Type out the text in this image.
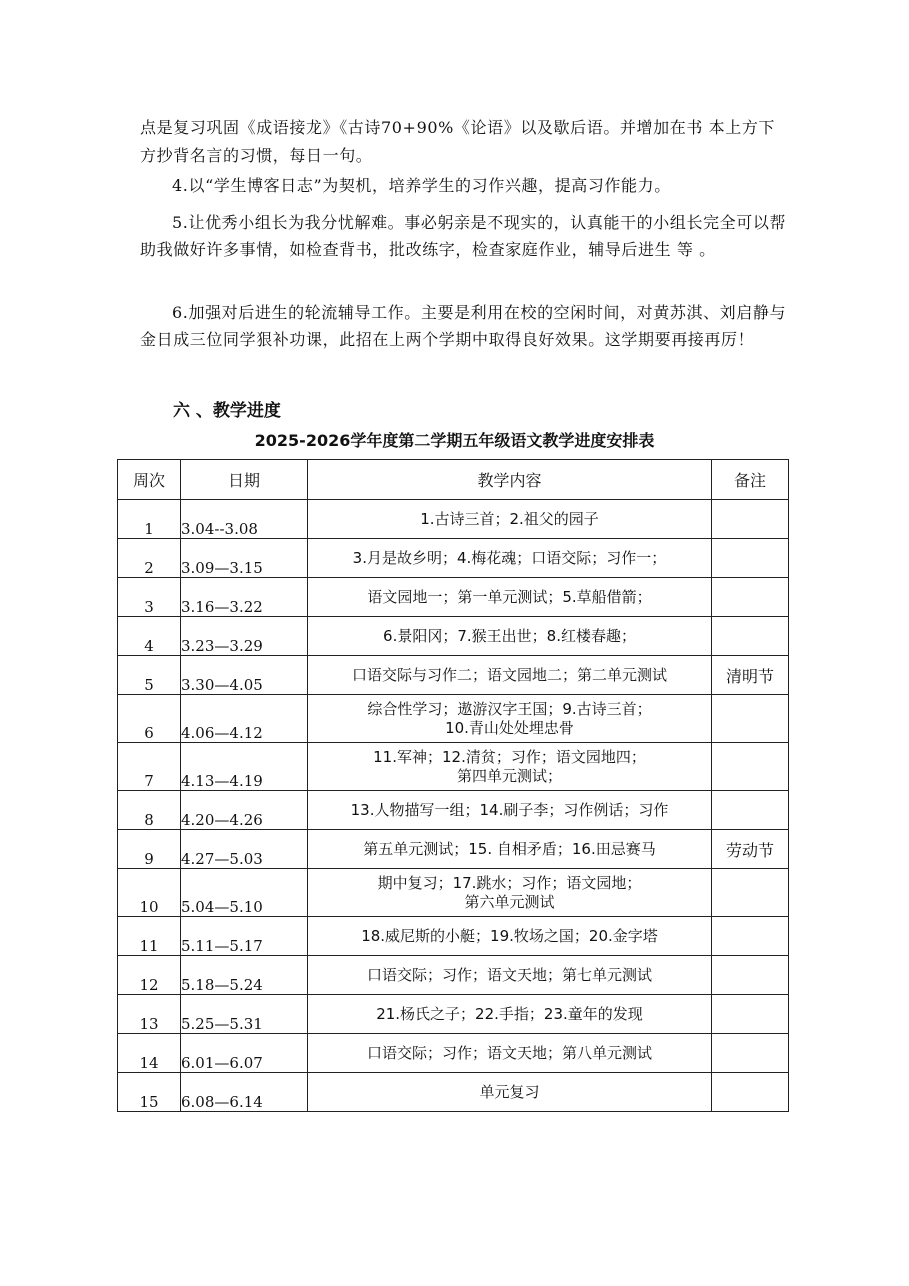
点是复习巩固《成语接龙》《古诗70+90%《论语》以及歇后语。并增加在书 本上方下方抄背名言的习惯，每日一句。
4.以“学生博客日志”为契机，培养学生的习作兴趣，提高习作能力。
5.让优秀小组长为我分忧解难。事必躬亲是不现实的，认真能干的小组长完全可以帮助我做好许多事情，如检查背书，批改练字，检查家庭作业，辅导后进生 等 。
6.加强对后进生的轮流辅导工作。主要是利用在校的空闲时间，对黄苏淇、刘启静与金日成三位同学狠补功课，此招在上两个学期中取得良好效果。这学期要再接再厉！
六 、教学进度
2025-2026学年度第二学期五年级语文教学进度安排表
周次	日期	教学内容	备注
1	3.04--3.08	1.古诗三首；2.祖父的园子	

2	3.09—3.15	3.月是故乡明；4.梅花魂；口语交际；习作一；	

3	3.16—3.22	语文园地一；第一单元测试；5.草船借箭；	

4	3.23—3.29	6.景阳冈；7.猴王出世；8.红楼春趣；	

5	3.30—4.05	口语交际与习作二；语文园地二；第二单元测试	清明节
6	4.06—4.12	综合性学习；遨游汉字王国；9.古诗三首；
10.青山处处埋忠骨	

7	4.13—4.19	11.军神；12.清贫；习作；语文园地四；
第四单元测试；	

8	4.20—4.26	13.人物描写一组；14.刷子李；习作例话；习作	

9	4.27—5.03	第五单元测试；15. 自相矛盾；16.田忌赛马	劳动节
10	5.04—5.10	期中复习；17.跳水；习作；语文园地；
第六单元测试	

11	5.11—5.17	18.威尼斯的小艇；19.牧场之国；20.金字塔	

12	5.18—5.24	口语交际；习作；语文天地；第七单元测试	

13	5.25—5.31	21.杨氏之子；22.手指；23.童年的发现	

14	6.01—6.07	口语交际；习作；语文天地；第八单元测试	

15	6.08—6.14	单元复习	
